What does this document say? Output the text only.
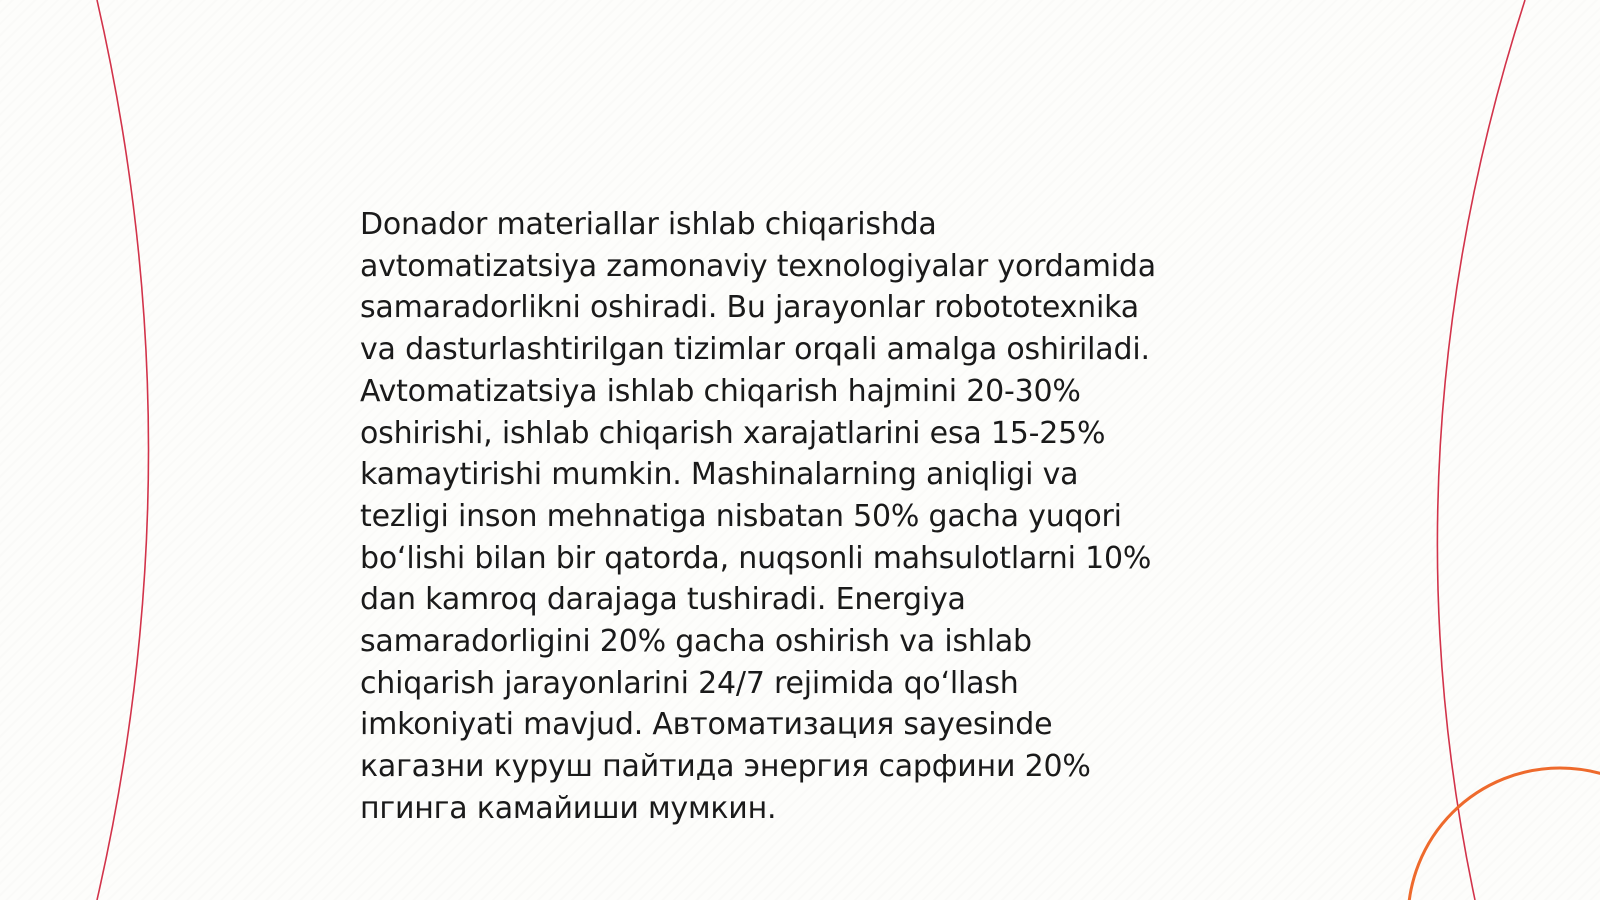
Donador materiallar ishlab chiqarishda
avtomatizatsiya zamonaviy texnologiyalar yordamida
samaradorlikni oshiradi. Bu jarayonlar robototexnika
va dasturlashtirilgan tizimlar orqali amalga oshiriladi.
Avtomatizatsiya ishlab chiqarish hajmini 20-30%
oshirishi, ishlab chiqarish xarajatlarini esa 15-25%
kamaytirishi mumkin. Mashinalarning aniqligi va
tezligi inson mehnatiga nisbatan 50% gacha yuqori
bo‘lishi bilan bir qatorda, nuqsonli mahsulotlarni 10%
dan kamroq darajaga tushiradi. Energiya
samaradorligini 20% gacha oshirish va ishlab
chiqarish jarayonlarini 24/7 rejimida qo‘llash
imkoniyati mavjud. Автоматизация sayesinde
кагазни куруш пайтида энергия сарфини 20%
пгинга камайиши мумкин.
